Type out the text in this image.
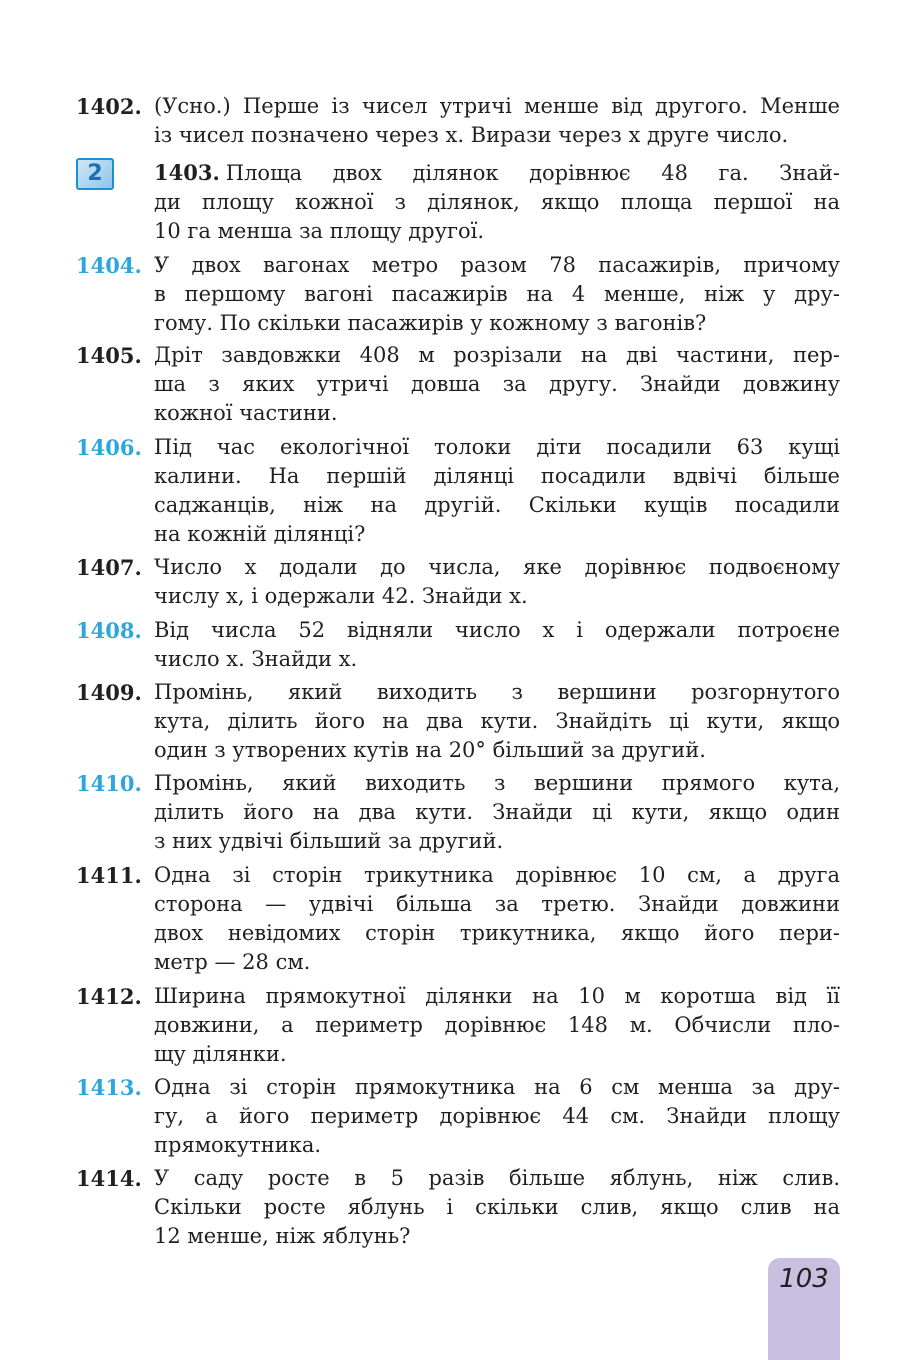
2
1402. (Усно.) Перше із чисел утричі менше від другого. Менше
із чисел позначено через x. Вирази через x друге число.
1403. Площа двох ділянок дорівнює 48 га. Знай-
ди площу кожної з ділянок, якщо площа першої на
10 га менша за площу другої.
1404. У двох вагонах метро разом 78 пасажирів, причому
в першому вагоні пасажирів на 4 менше, ніж у дру-
гому. По скільки пасажирів у кожному з вагонів?
1405. Дріт завдовжки 408 м розрізали на дві частини, пер-
ша з яких утричі довша за другу. Знайди довжину
кожної частини.
1406. Під час екологічної толоки діти посадили 63 кущі
калини. На першій ділянці посадили вдвічі більше
саджанців, ніж на другій. Скільки кущів посадили
на кожній ділянці?
1407. Число x додали до числа, яке дорівнює подвоєному
числу x, і одержали 42. Знайди x.
1408. Від числа 52 відняли число x і одержали потроєне
число x. Знайди x.
1409. Промінь, який виходить з вершини розгорнутого
кута, ділить його на два кути. Знайдіть ці кути, якщо
один з утворених кутів на 20° більший за другий.
1410. Промінь, який виходить з вершини прямого кута,
ділить його на два кути. Знайди ці кути, якщо один
з них удвічі більший за другий.
1411. Одна зі сторін трикутника дорівнює 10 см, а друга
сторона — удвічі більша за третю. Знайди довжини
двох невідомих сторін трикутника, якщо його пери-
метр — 28 см.
1412. Ширина прямокутної ділянки на 10 м коротша від її
довжини, а периметр дорівнює 148 м. Обчисли пло-
щу ділянки.
1413. Одна зі сторін прямокутника на 6 см менша за дру-
гу, а його периметр дорівнює 44 см. Знайди площу
прямокутника.
1414. У саду росте в 5 разів більше яблунь, ніж слив.
Скільки росте яблунь і скільки слив, якщо слив на
12 менше, ніж яблунь?
103
